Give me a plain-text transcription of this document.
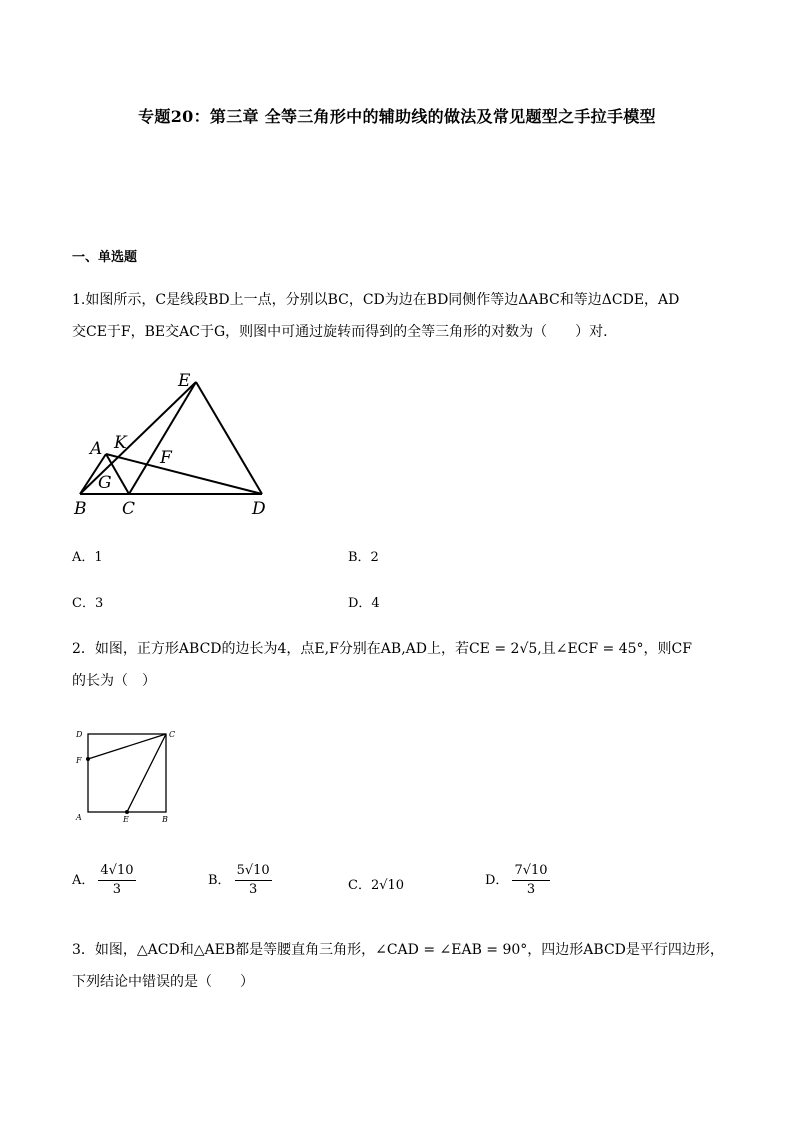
专题20：第三章 全等三角形中的辅助线的做法及常见题型之手拉手模型
一、单选题
1.如图所示，C是线段BD上一点，分别以BC，CD为边在BD同侧作等边ΔABC和等边ΔCDE，AD
交CE于F，BE交AC于G，则图中可通过旋转而得到的全等三角形的对数为（　　）对.
E
A K
F
G
B C	D
A．1	B．2
C．3	D．4
2．如图，正方形ABCD的边长为4，点E,F分别在AB,AD上，若CE = 2√5,且∠ECF = 45°，则CF
的长为（　）
D	C
F
A	E	B
A． $\frac{4√10}{3}$	B． $\frac{5√10}{3}$	C．2√10	D． $\frac{7√10}{3}$
3．如图，△ACD和△AEB都是等腰直角三角形，∠CAD = ∠EAB = 90°，四边形ABCD是平行四边形，
下列结论中错误的是（　　）
